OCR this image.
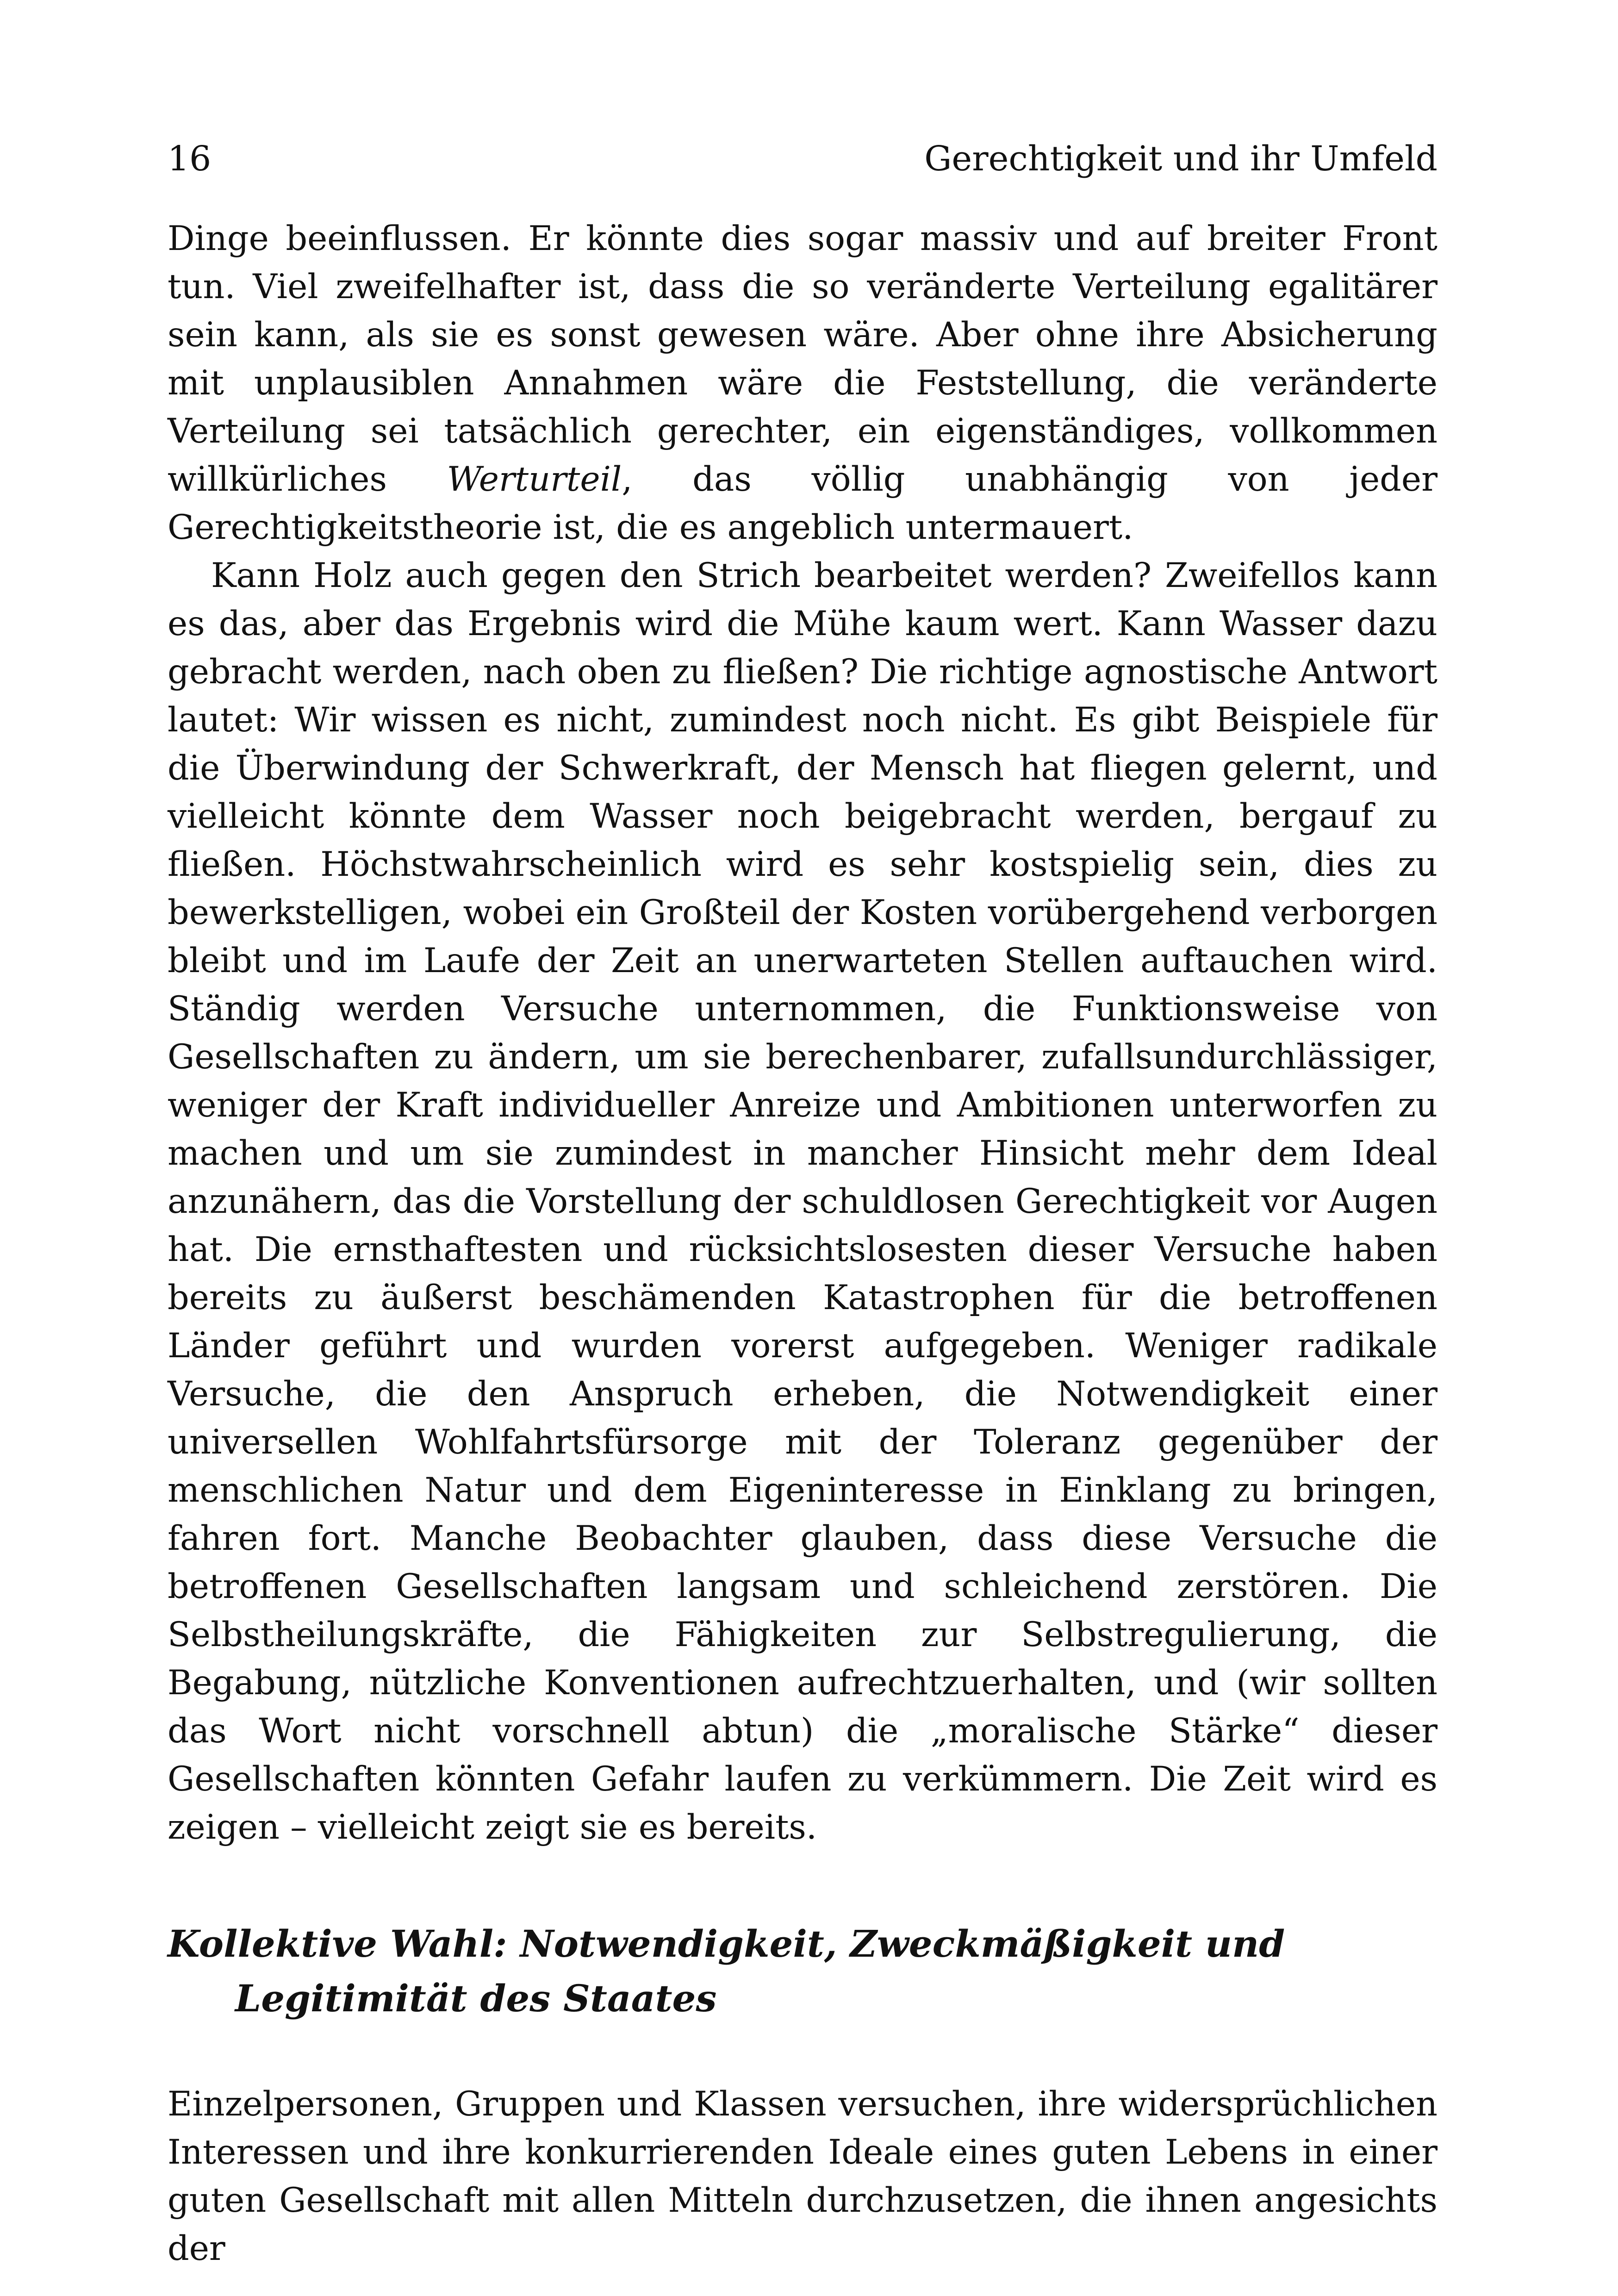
16	Gerechtigkeit und ihr Umfeld

Dinge beeinflussen. Er könnte dies sogar massiv und auf breiter Front tun. Viel zweifelhafter ist, dass die so veränderte Verteilung egalitärer sein kann, als sie es sonst gewesen wäre. Aber ohne ihre Absicherung mit unplausiblen Annahmen wäre die Feststellung, die veränderte Verteilung sei tatsächlich gerechter, ein eigenständiges, vollkommen willkürliches Werturteil, das völlig unabhängig von jeder Gerechtigkeitstheorie ist, die es angeblich untermauert.

Kann Holz auch gegen den Strich bearbeitet werden? Zweifellos kann es das, aber das Ergebnis wird die Mühe kaum wert. Kann Wasser dazu gebracht werden, nach oben zu fließen? Die richtige agnostische Antwort lautet: Wir wissen es nicht, zumindest noch nicht. Es gibt Beispiele für die Überwindung der Schwerkraft, der Mensch hat fliegen gelernt, und vielleicht könnte dem Wasser noch beigebracht werden, bergauf zu fließen. Höchstwahrscheinlich wird es sehr kostspielig sein, dies zu bewerkstelligen, wobei ein Großteil der Kosten vorübergehend verborgen bleibt und im Laufe der Zeit an unerwarteten Stellen auftauchen wird. Ständig werden Versuche unternommen, die Funktionsweise von Gesellschaften zu ändern, um sie berechenbarer, zufallsundurchlässiger, weniger der Kraft individueller Anreize und Ambitionen unterworfen zu machen und um sie zumindest in mancher Hinsicht mehr dem Ideal anzunähern, das die Vorstellung der schuldlosen Gerechtigkeit vor Augen hat. Die ernsthaftesten und rücksichtslosesten dieser Versuche haben bereits zu äußerst beschämenden Katastrophen für die betroffenen Länder geführt und wurden vorerst aufgegeben. Weniger radikale Versuche, die den Anspruch erheben, die Notwendigkeit einer universellen Wohlfahrtsfürsorge mit der Toleranz gegenüber der menschlichen Natur und dem Eigeninteresse in Einklang zu bringen, fahren fort. Manche Beobachter glauben, dass diese Versuche die betroffenen Gesellschaften langsam und schleichend zerstören. Die Selbstheilungskräfte, die Fähigkeiten zur Selbstregulierung, die Begabung, nützliche Konventionen aufrechtzuerhalten, und (wir sollten das Wort nicht vorschnell abtun) die „moralische Stärke“ dieser Gesellschaften könnten Gefahr laufen zu verkümmern. Die Zeit wird es zeigen – vielleicht zeigt sie es bereits.

Kollektive Wahl: Notwendigkeit, Zweckmäßigkeit und Legitimität des Staates

Einzelpersonen, Gruppen und Klassen versuchen, ihre widersprüchlichen Interessen und ihre konkurrierenden Ideale eines guten Lebens in einer guten Gesellschaft mit allen Mitteln durchzusetzen, die ihnen angesichts der
